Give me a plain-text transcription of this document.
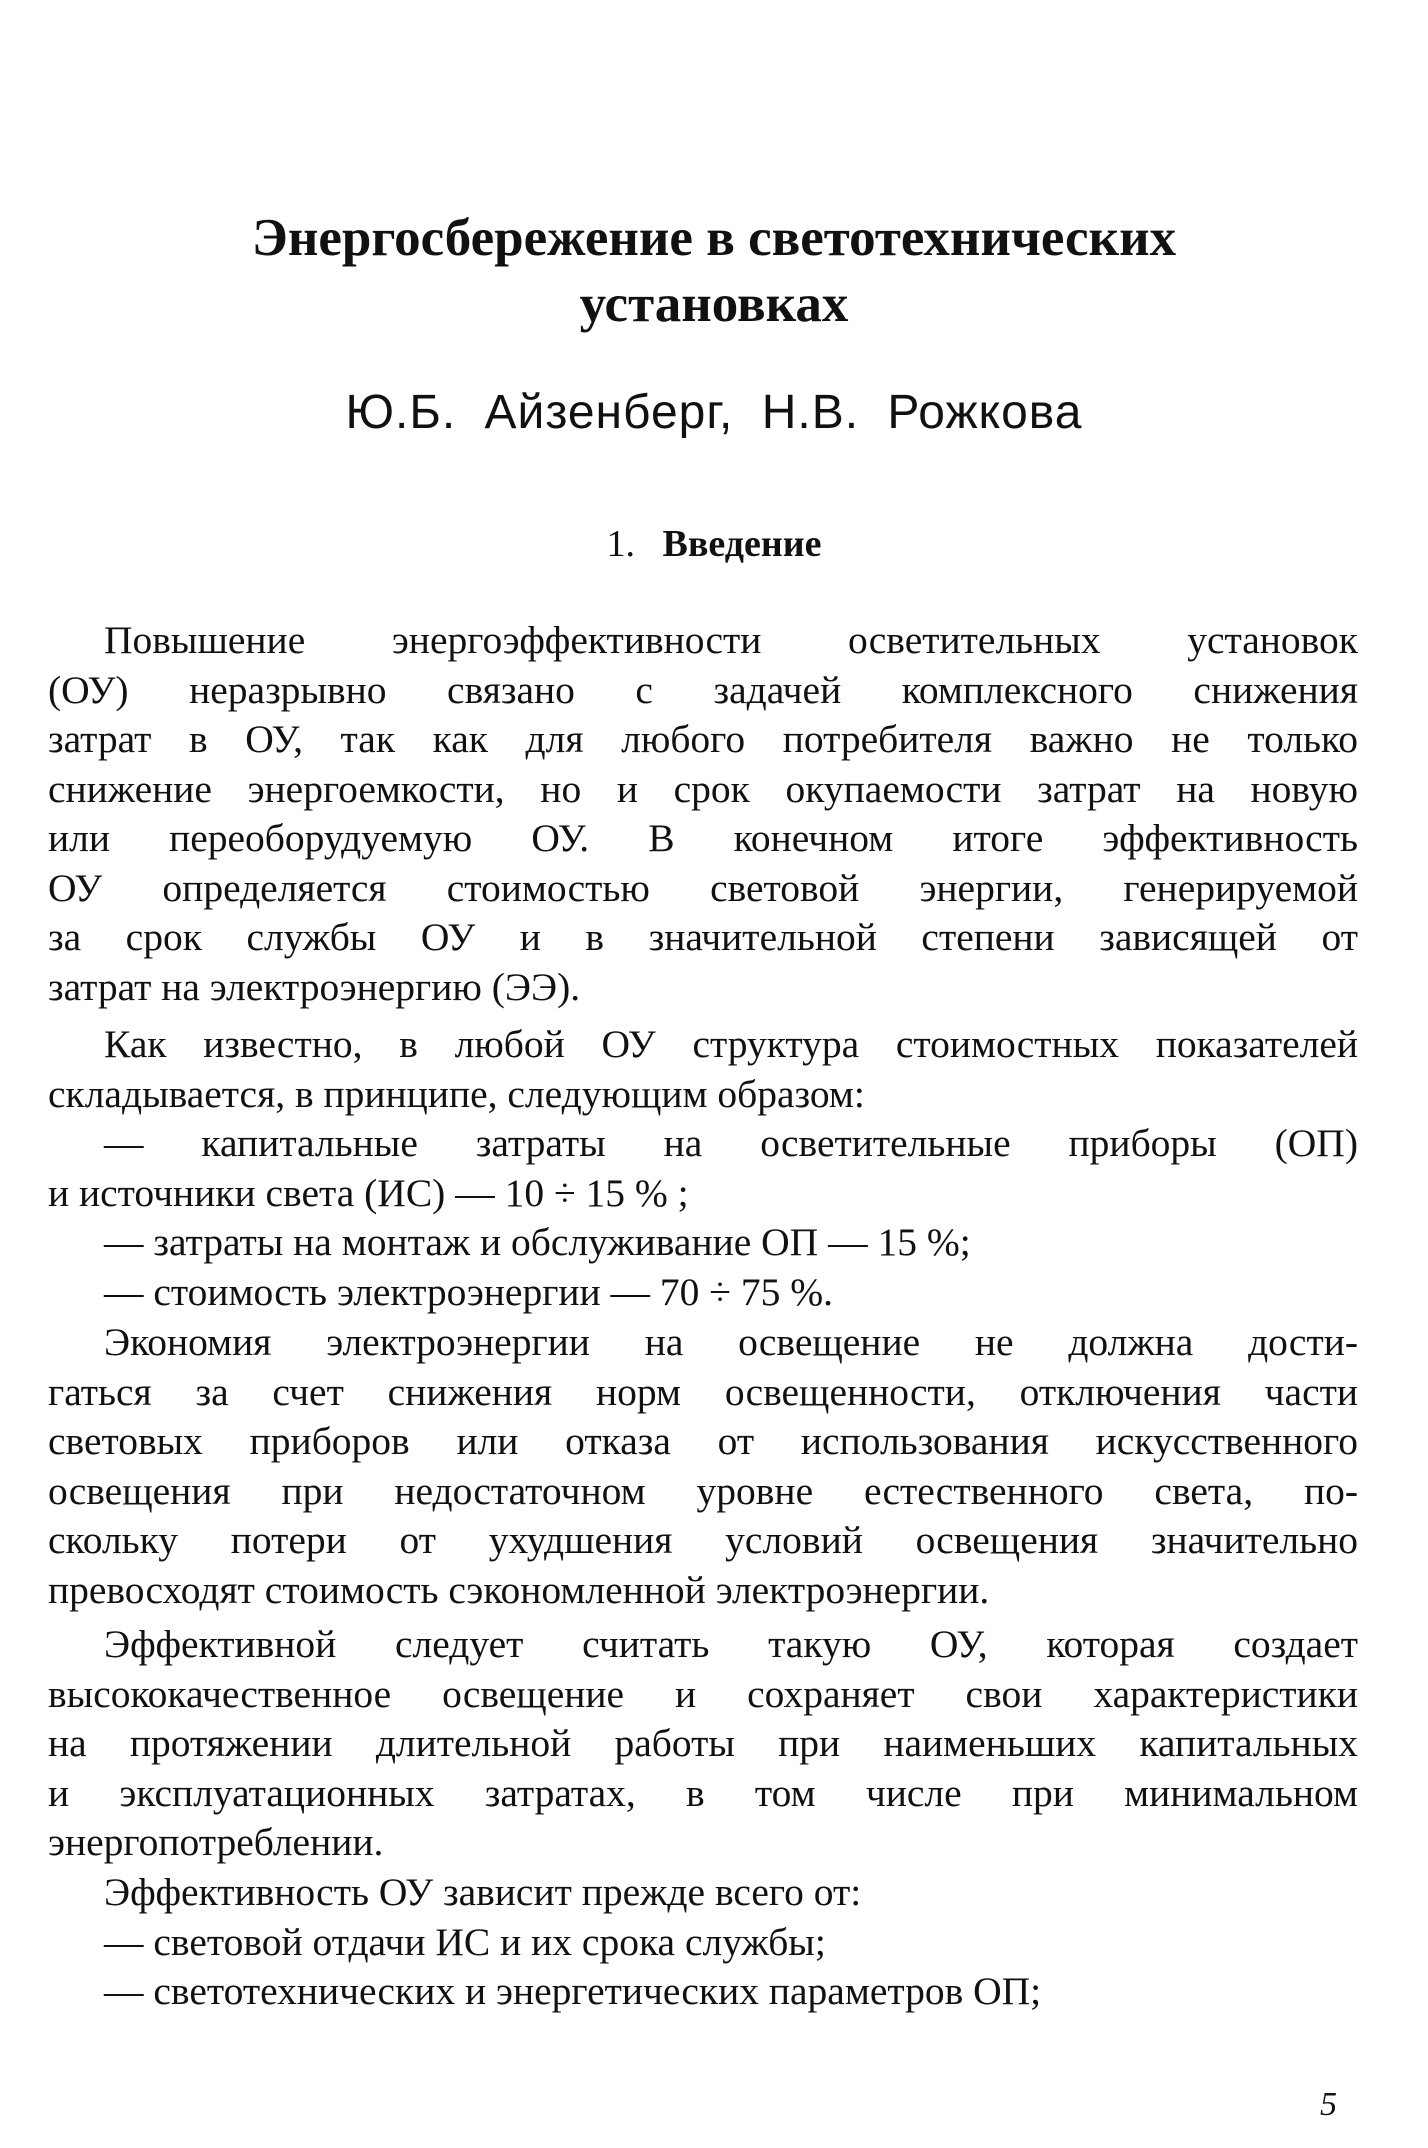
Энергосбережение в светотехнических
установках
Ю.Б. Айзенберг, Н.В. Рожкова
1. Введение
Повышение энергоэффективности осветительных установок
(ОУ) неразрывно связано с задачей комплексного снижения
затрат в ОУ, так как для любого потребителя важно не только
снижение энергоемкости, но и срок окупаемости затрат на новую
или переоборудуемую ОУ. В конечном итоге эффективность
ОУ определяется стоимостью световой энергии, генерируемой
за срок службы ОУ и в значительной степени зависящей от
затрат на электроэнергию (ЭЭ).
Как известно, в любой ОУ структура стоимостных показателей
складывается, в принципе, следующим образом:
— капитальные затраты на осветительные приборы (ОП)
и источники света (ИС) — 10 ÷ 15 % ;
— затраты на монтаж и обслуживание ОП — 15 %;
— стоимость электроэнергии — 70 ÷ 75 %.
Экономия электроэнергии на освещение не должна дости-
гаться за счет снижения норм освещенности, отключения части
световых приборов или отказа от использования искусственного
освещения при недостаточном уровне естественного света, по-
скольку потери от ухудшения условий освещения значительно
превосходят стоимость сэкономленной электроэнергии.
Эффективной следует считать такую ОУ, которая создает
высококачественное освещение и сохраняет свои характеристики
на протяжении длительной работы при наименьших капитальных
и эксплуатационных затратах, в том числе при минимальном
энергопотреблении.
Эффективность ОУ зависит прежде всего от:
— световой отдачи ИС и их срока службы;
— светотехнических и энергетических параметров ОП;
5
